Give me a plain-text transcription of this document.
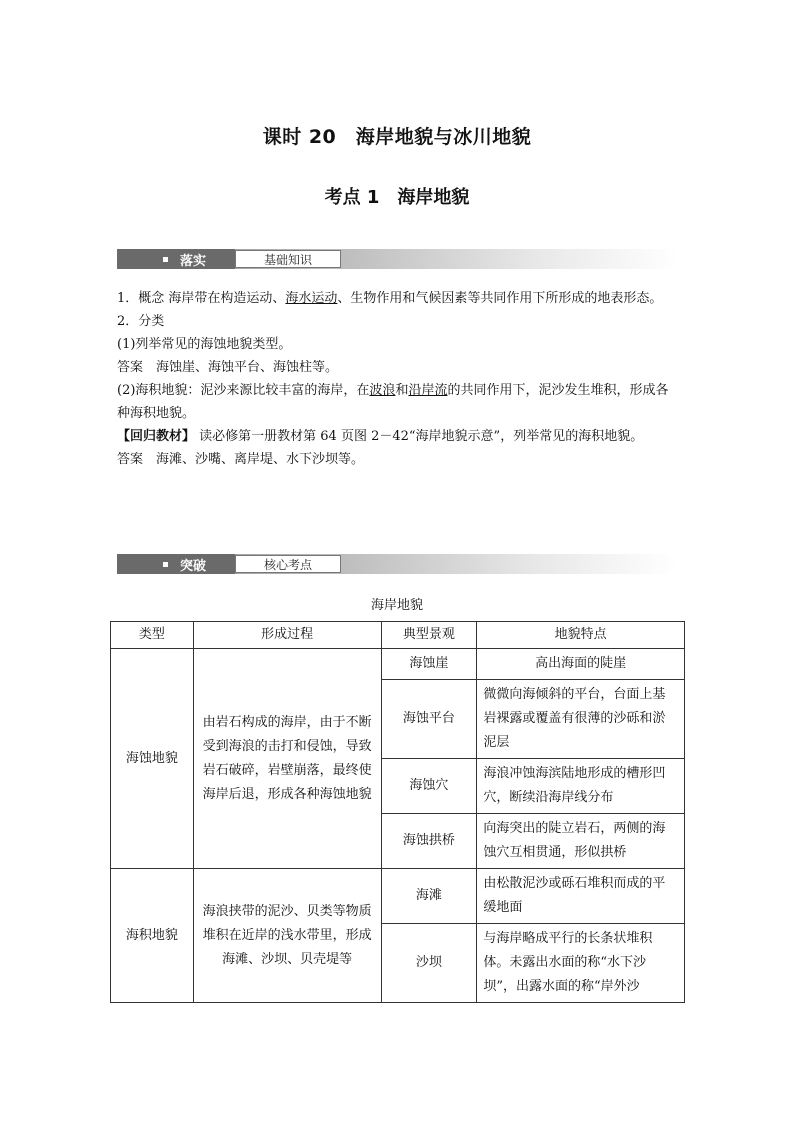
课时 20　海岸地貌与冰川地貌
考点 1　海岸地貌
落实	基础知识

1．概念 海岸带在构造运动、海水运动、生物作用和气候因素等共同作用下所形成的地表形态。

2．分类

(1)列举常见的海蚀地貌类型。

答案　海蚀崖、海蚀平台、海蚀柱等。

(2)海积地貌：泥沙来源比较丰富的海岸，在波浪和沿岸流的共同作用下，泥沙发生堆积，形成各种海积地貌。

【回归教材】 读必修第一册教材第 64 页图 2－42“海岸地貌示意”，列举常见的海积地貌。

答案　海滩、沙嘴、离岸堤、水下沙坝等。

突破	核心考点
海岸地貌
类型	形成过程	典型景观	地貌特点
海蚀地貌	由岩石构成的海岸，由于不断受到海浪的击打和侵蚀，导致岩石破碎，岩壁崩落，最终使海岸后退，形成各种海蚀地貌	海蚀崖	高出海面的陡崖
		海蚀平台	微微向海倾斜的平台，台面上基岩裸露或覆盖有很薄的沙砾和淤泥层
		海蚀穴	海浪冲蚀海滨陆地形成的槽形凹穴，断续沿海岸线分布
		海蚀拱桥	向海突出的陡立岩石，两侧的海蚀穴互相贯通，形似拱桥
海积地貌	海浪挟带的泥沙、贝类等物质堆积在近岸的浅水带里，形成海滩、沙坝、贝壳堤等	海滩	由松散泥沙或砾石堆积而成的平缓地面
		沙坝	与海岸略成平行的长条状堆积体。未露出水面的称“水下沙坝”，出露水面的称“岸外沙
